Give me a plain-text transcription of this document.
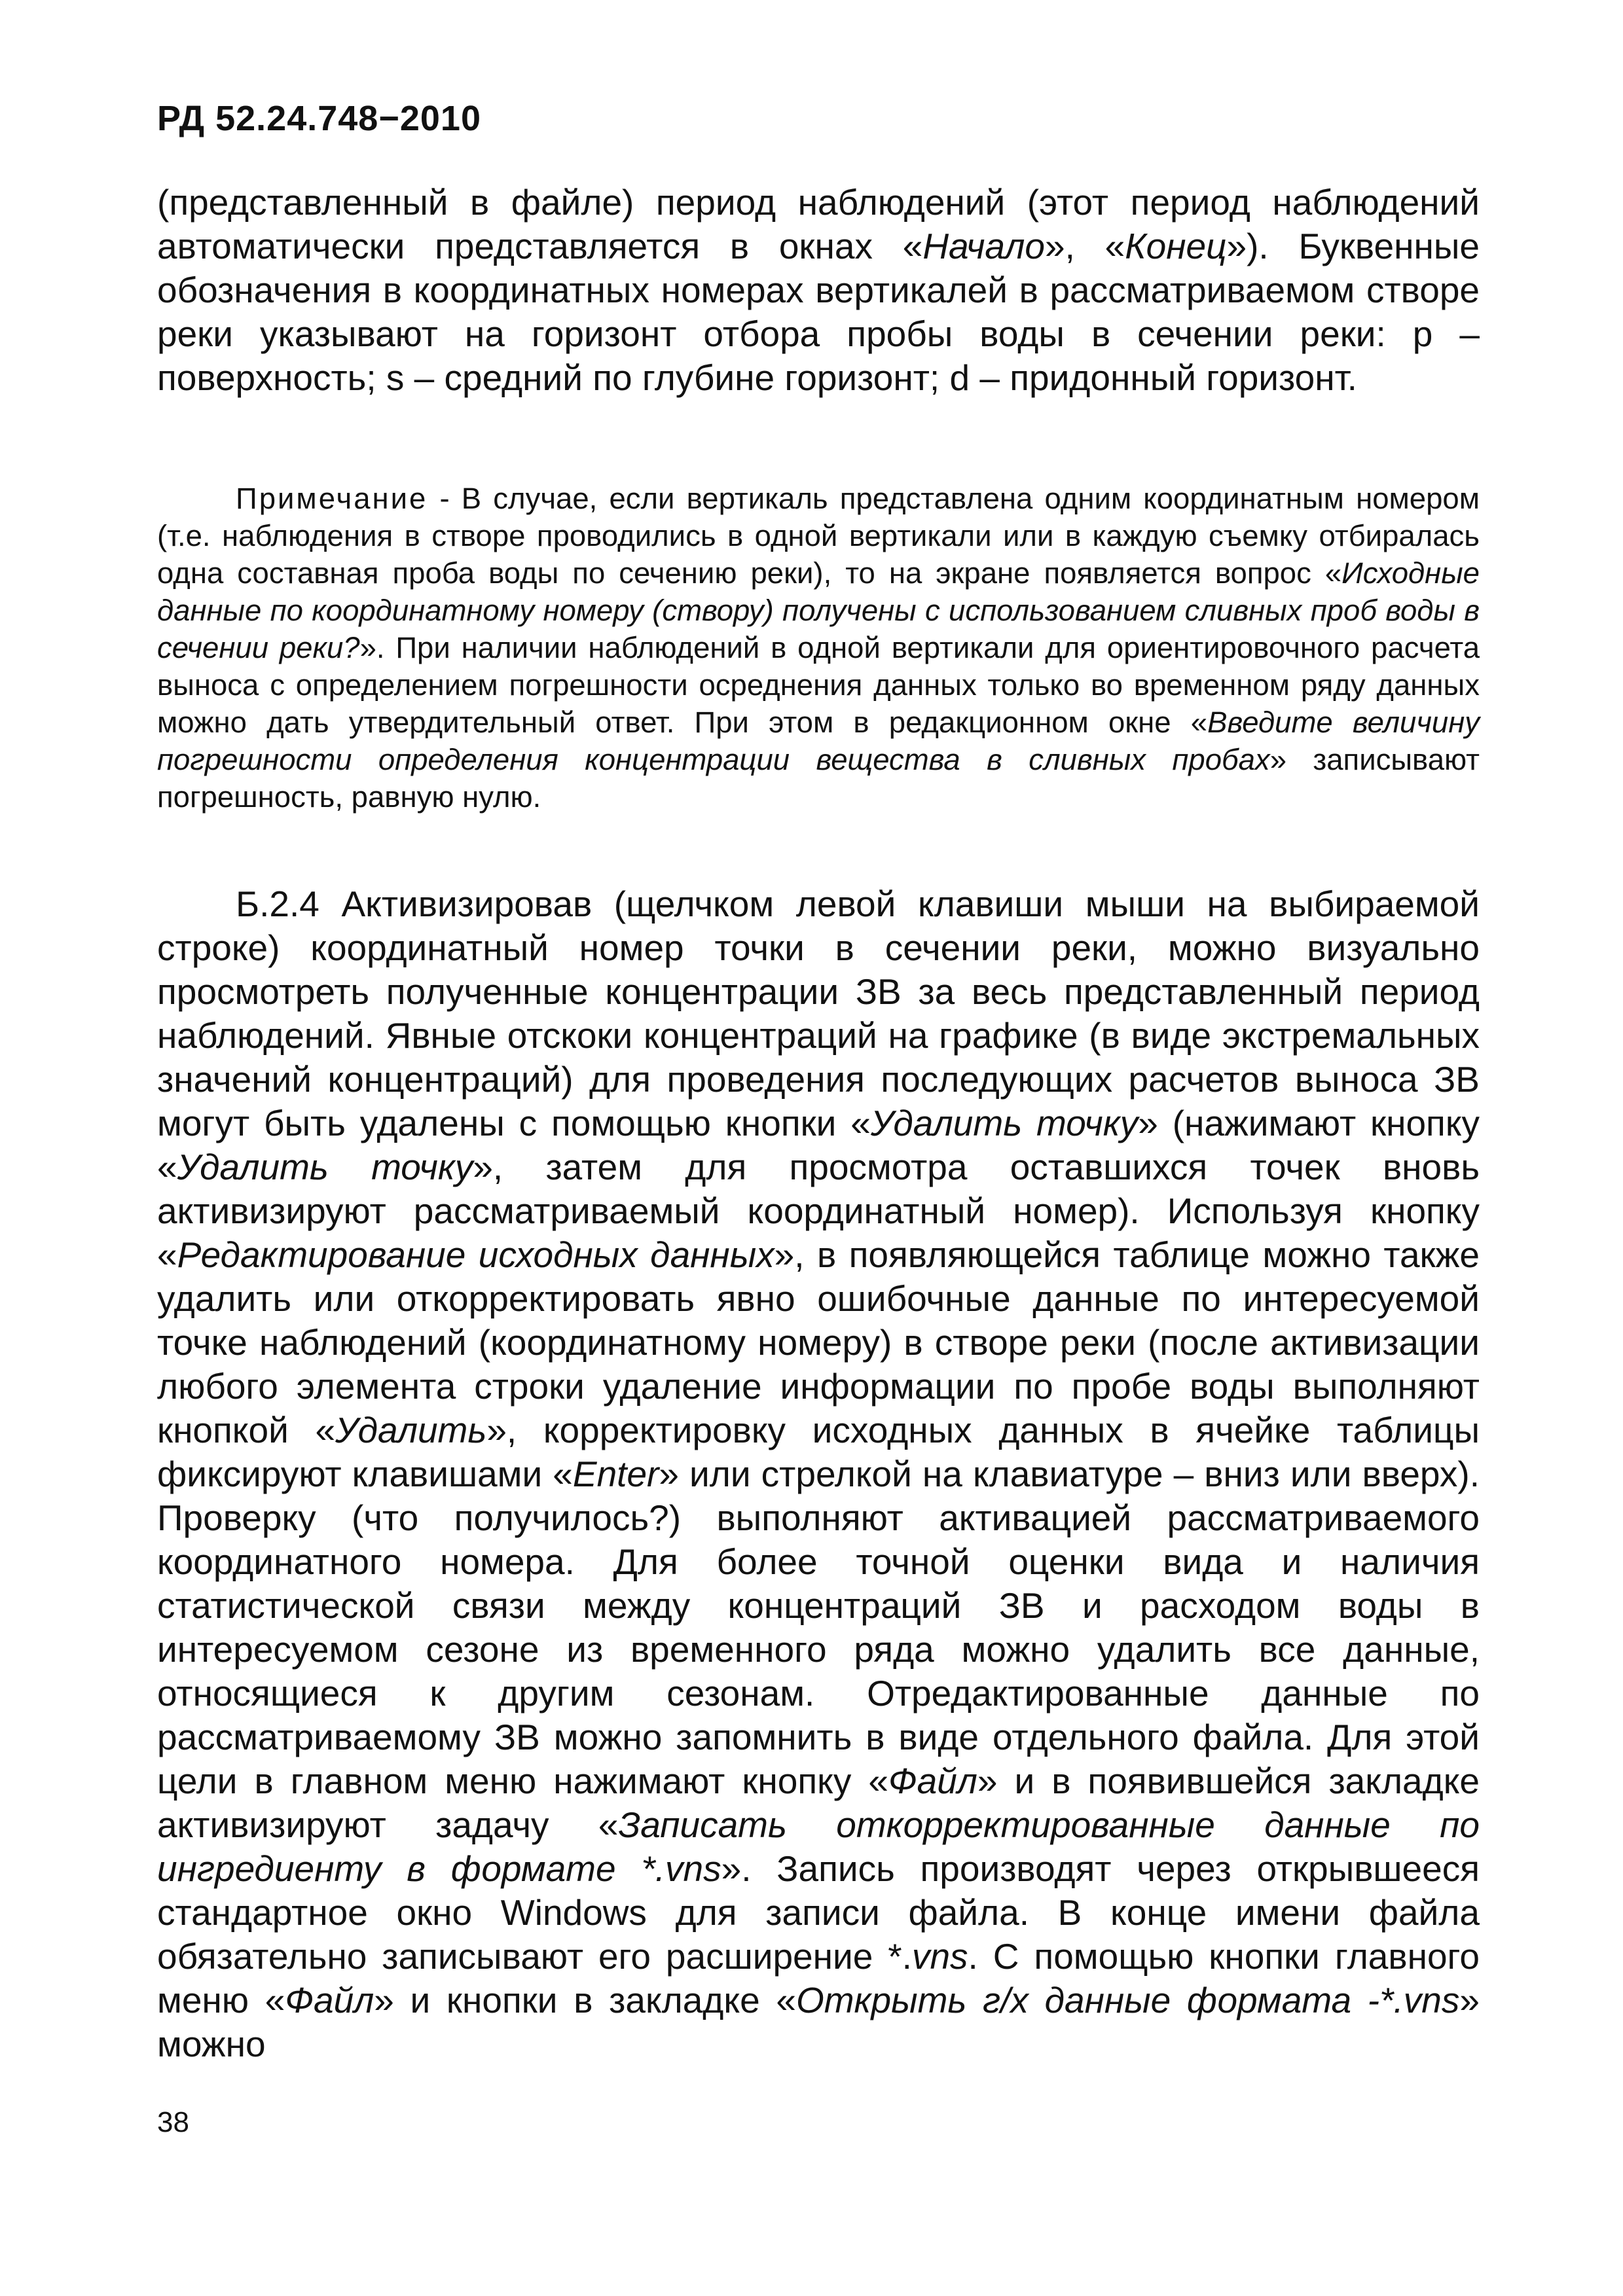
РД 52.24.748−2010

(представленный в файле) период наблюдений (этот период наблюдений автоматически представляется в окнах «Начало», «Конец»). Буквенные обозначения в координатных номерах вертикалей в рассматриваемом створе реки указывают на горизонт отбора пробы воды в сечении реки: р – поверхность; s – средний по глубине горизонт; d – придонный горизонт.

Примечание - В случае, если вертикаль представлена одним координатным номером (т.е. наблюдения в створе проводились в одной вертикали или в каждую съемку отбиралась одна составная проба воды по сечению реки), то на экране появляется вопрос «Исходные данные по координатному номеру (створу) получены с использованием сливных проб воды в сечении реки?». При наличии наблюдений в одной вертикали для ориентировочного расчета выноса с определением погрешности осреднения данных только во временном ряду данных можно дать утвердительный ответ. При этом в редакционном окне «Введите величину погрешности определения концентрации вещества в сливных пробах» записывают погрешность, равную нулю.

Б.2.4 Активизировав (щелчком левой клавиши мыши на выбираемой строке) координатный номер точки в сечении реки, можно визуально просмотреть полученные концентрации ЗВ за весь представленный период наблюдений. Явные отскоки концентраций на графике (в виде экстремальных значений концентраций) для проведения последующих расчетов выноса ЗВ могут быть удалены с помощью кнопки «Удалить точку» (нажимают кнопку «Удалить точку», затем для просмотра оставшихся точек вновь активизируют рассматриваемый координатный номер). Используя кнопку «Редактирование исходных данных», в появляющейся таблице можно также удалить или откорректировать явно ошибочные данные по интересуемой точке наблюдений (координатному номеру) в створе реки (после активизации любого элемента строки удаление информации по пробе воды выполняют кнопкой «Удалить», корректировку исходных данных в ячейке таблицы фиксируют клавишами «Enter» или стрелкой на клавиатуре – вниз или вверх). Проверку (что получилось?) выполняют активацией рассматриваемого координатного номера. Для более точной оценки вида и наличия статистической связи между концентраций ЗВ и расходом воды в интересуемом сезоне из временного ряда можно удалить все данные, относящиеся к другим сезонам. Отредактированные данные по рассматриваемому ЗВ можно запомнить в виде отдельного файла. Для этой цели в главном меню нажимают кнопку «Файл» и в появившейся закладке активизируют задачу «Записать откорректированные данные по ингредиенту в формате *.vns». Запись производят через открывшееся стандартное окно Windows для записи файла. В конце имени файла обязательно записывают его расширение *.vns. С помощью кнопки главного меню «Файл» и кнопки в закладке «Открыть г/х данные формата -*.vns» можно

38
